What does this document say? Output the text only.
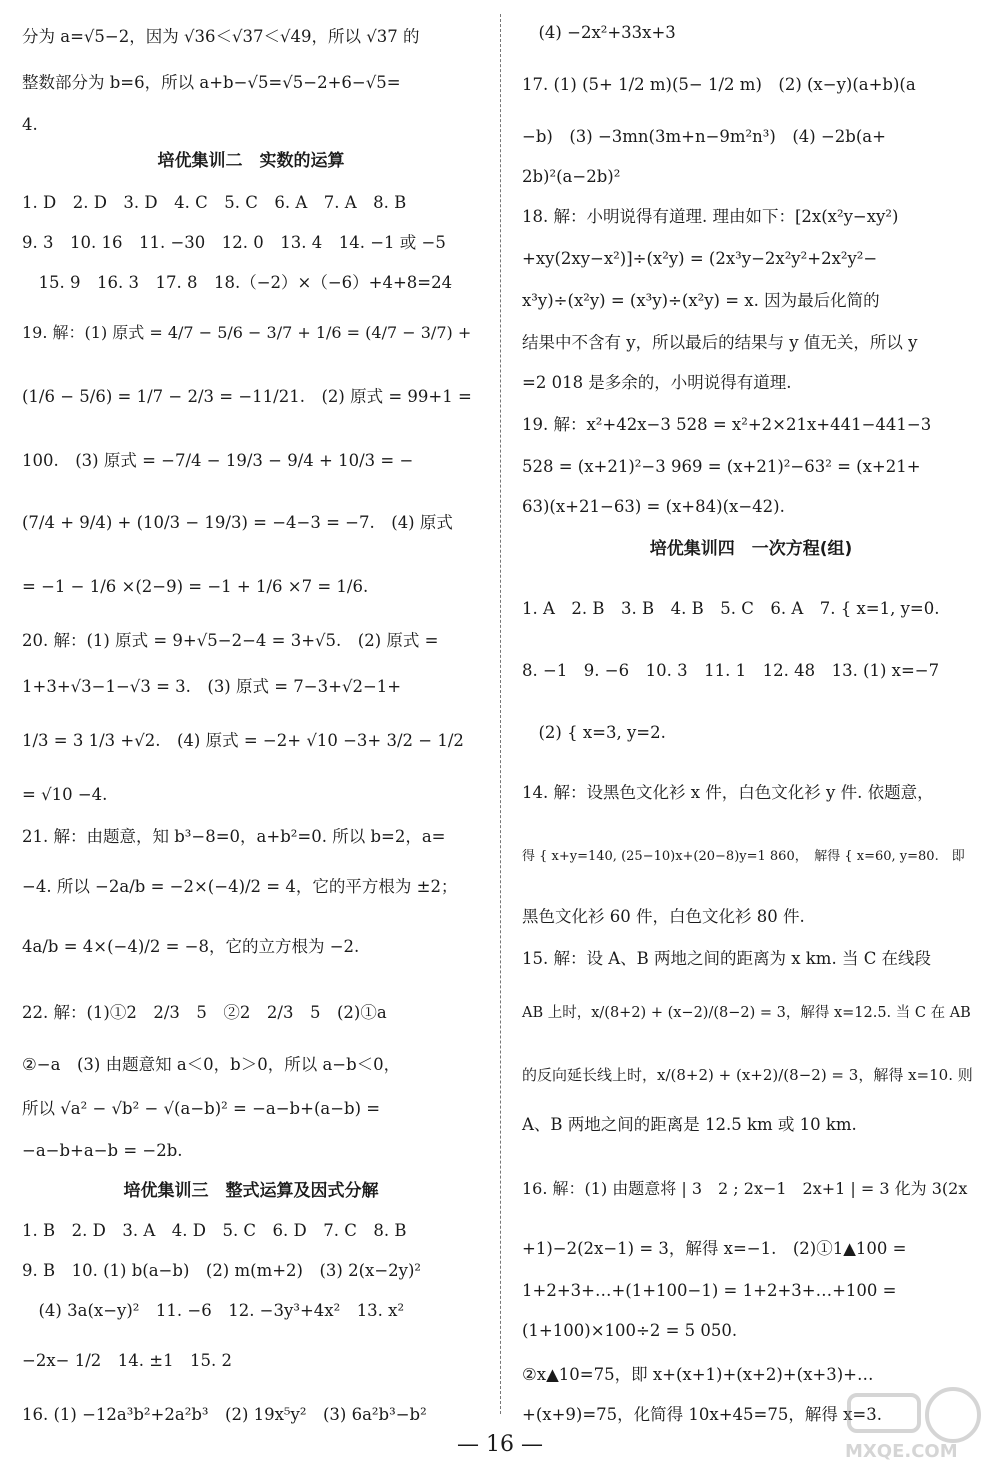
分为 a=√5−2，因为 √36＜√37＜√49，所以 √37 的
整数部分为 b=6，所以 a+b−√5=√5−2+6−√5=
4.
培优集训二　实数的运算
1. D　2. D　3. D　4. C　5. C　6. A　7. A　8. B
9. 3　10. 16　11. −30　12. 0　13. 4　14. −1 或 −5
　15. 9　16. 3　17. 8　18.（−2）×（−6）+4+8=24
19. 解：(1) 原式 = 4/7 − 5/6 − 3/7 + 1/6 = (4/7 − 3/7) +
(1/6 − 5/6) = 1/7 − 2/3 = −11/21.　(2) 原式 = 99+1 =
100.　(3) 原式 = −7/4 − 19/3 − 9/4 + 10/3 = −
(7/4 + 9/4) + (10/3 − 19/3) = −4−3 = −7.　(4) 原式
= −1 − 1/6 ×(2−9) = −1 + 1/6 ×7 = 1/6.
20. 解：(1) 原式 = 9+√5−2−4 = 3+√5.　(2) 原式 =
1+3+√3−1−√3 = 3.　(3) 原式 = 7−3+√2−1+
1/3 = 3 1/3 +√2.　(4) 原式 = −2+ √10 −3+ 3/2 − 1/2
= √10 −4.
21. 解：由题意，知 b³−8=0，a+b²=0. 所以 b=2，a=
−4. 所以 −2a/b = −2×(−4)/2 = 4，它的平方根为 ±2；
4a/b = 4×(−4)/2 = −8，它的立方根为 −2.
22. 解：(1)①2　2/3　5　②2　2/3　5　(2)①a
②−a　(3) 由题意知 a＜0，b＞0，所以 a−b＜0，
所以 √a² − √b² − √(a−b)² = −a−b+(a−b) =
−a−b+a−b = −2b.
培优集训三　整式运算及因式分解
1. B　2. D　3. A　4. D　5. C　6. D　7. C　8. B
9. B　10. (1) b(a−b)　(2) m(m+2)　(3) 2(x−2y)²
　(4) 3a(x−y)²　11. −6　12. −3y³+4x²　13. x²
−2x− 1/2　14. ±1　15. 2
16. (1) −12a³b²+2a²b³　(2) 19x⁵y²　(3) 6a²b³−b²
　(4) −2x²+33x+3
17. (1) (5+ 1/2 m)(5− 1/2 m)　(2) (x−y)(a+b)(a
−b)　(3) −3mn(3m+n−9m²n³)　(4) −2b(a+
2b)²(a−2b)²
18. 解：小明说得有道理. 理由如下：[2x(x²y−xy²)
+xy(2xy−x²)]÷(x²y) = (2x³y−2x²y²+2x²y²−
x³y)÷(x²y) = (x³y)÷(x²y) = x. 因为最后化简的
结果中不含有 y，所以最后的结果与 y 值无关，所以 y
=2 018 是多余的，小明说得有道理.
19. 解：x²+42x−3 528 = x²+2×21x+441−441−3
528 = (x+21)²−3 969 = (x+21)²−63² = (x+21+
63)(x+21−63) = (x+84)(x−42).
培优集训四　一次方程(组)
1. A　2. B　3. B　4. B　5. C　6. A　7. { x=1, y=0.
8. −1　9. −6　10. 3　11. 1　12. 48　13. (1) x=−7
　(2) { x=3, y=2.
14. 解：设黑色文化衫 x 件，白色文化衫 y 件. 依题意，
得 { x+y=140, (25−10)x+(20−8)y=1 860，　解得 { x=60, y=80.　即
黑色文化衫 60 件，白色文化衫 80 件.
15. 解：设 A、B 两地之间的距离为 x km. 当 C 在线段
AB 上时，x/(8+2) + (x−2)/(8−2) = 3，解得 x=12.5. 当 C 在 AB
的反向延长线上时，x/(8+2) + (x+2)/(8−2) = 3，解得 x=10. 则
A、B 两地之间的距离是 12.5 km 或 10 km.
16. 解：(1) 由题意将 | 3　2 ; 2x−1　2x+1 | = 3 化为 3(2x
+1)−2(2x−1) = 3，解得 x=−1.　(2)①1▲100 =
1+2+3+…+(1+100−1) = 1+2+3+…+100 =
(1+100)×100÷2 = 5 050.
②x▲10=75，即 x+(x+1)+(x+2)+(x+3)+…
+(x+9)=75，化简得 10x+45=75，解得 x=3.
— 16 —	MXQE.COM
